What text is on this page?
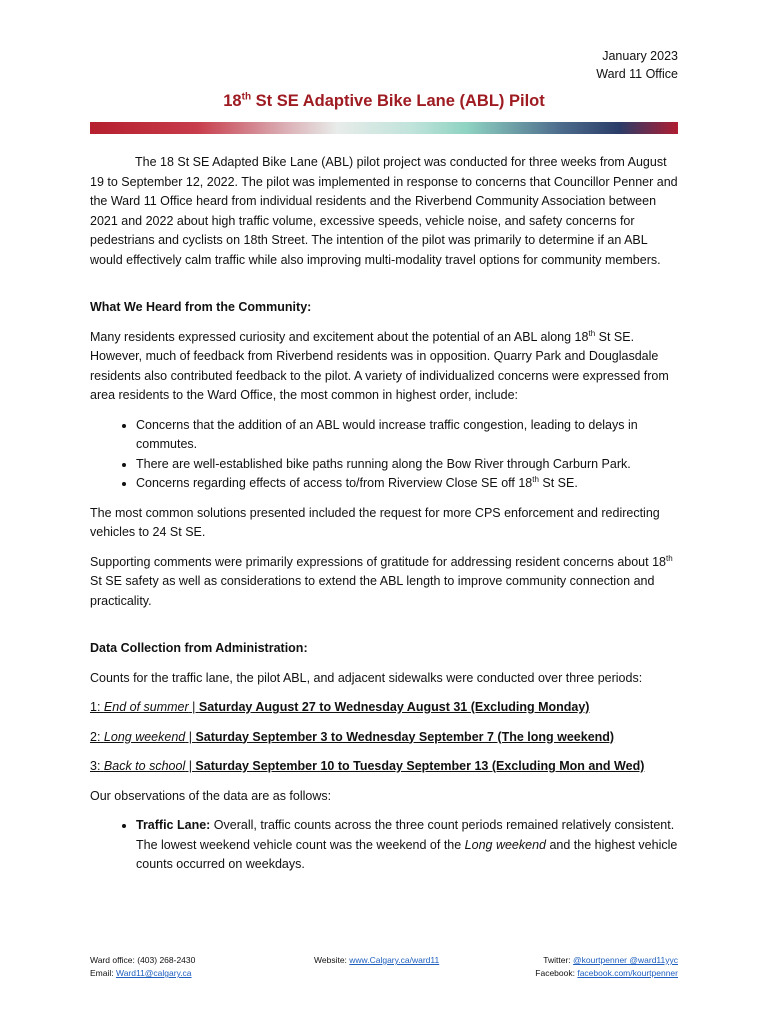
January 2023
Ward 11 Office
18th St SE Adaptive Bike Lane (ABL) Pilot

The 18 St SE Adapted Bike Lane (ABL) pilot project was conducted for three weeks from August 19 to September 12, 2022. The pilot was implemented in response to concerns that Councillor Penner and the Ward 11 Office heard from individual residents and the Riverbend Community Association between 2021 and 2022 about high traffic volume, excessive speeds, vehicle noise, and safety concerns for pedestrians and cyclists on 18th Street. The intention of the pilot was primarily to determine if an ABL would effectively calm traffic while also improving multi-modality travel options for community members.

What We Heard from the Community:

Many residents expressed curiosity and excitement about the potential of an ABL along 18th St SE. However, much of feedback from Riverbend residents was in opposition. Quarry Park and Douglasdale residents also contributed feedback to the pilot. A variety of individualized concerns were expressed from area residents to the Ward Office, the most common in highest order, include:

• Concerns that the addition of an ABL would increase traffic congestion, leading to delays in commutes.
• There are well-established bike paths running along the Bow River through Carburn Park.
• Concerns regarding effects of access to/from Riverview Close SE off 18th St SE.

The most common solutions presented included the request for more CPS enforcement and redirecting vehicles to 24 St SE.

Supporting comments were primarily expressions of gratitude for addressing resident concerns about 18th St SE safety as well as considerations to extend the ABL length to improve community connection and practicality.

Data Collection from Administration:

Counts for the traffic lane, the pilot ABL, and adjacent sidewalks were conducted over three periods:

1: End of summer | Saturday August 27 to Wednesday August 31 (Excluding Monday)

2: Long weekend | Saturday September 3 to Wednesday September 7 (The long weekend)

3: Back to school | Saturday September 10 to Tuesday September 13 (Excluding Mon and Wed)

Our observations of the data are as follows:

• Traffic Lane: Overall, traffic counts across the three count periods remained relatively consistent. The lowest weekend vehicle count was the weekend of the Long weekend and the highest vehicle counts occurred on weekdays.
Ward office: (403) 268-2430
Email: Ward11@calgary.ca
Website: www.Calgary.ca/ward11	Twitter: @kourtpenner @ward11yyc
Facebook: facebook.com/kourtpenner
